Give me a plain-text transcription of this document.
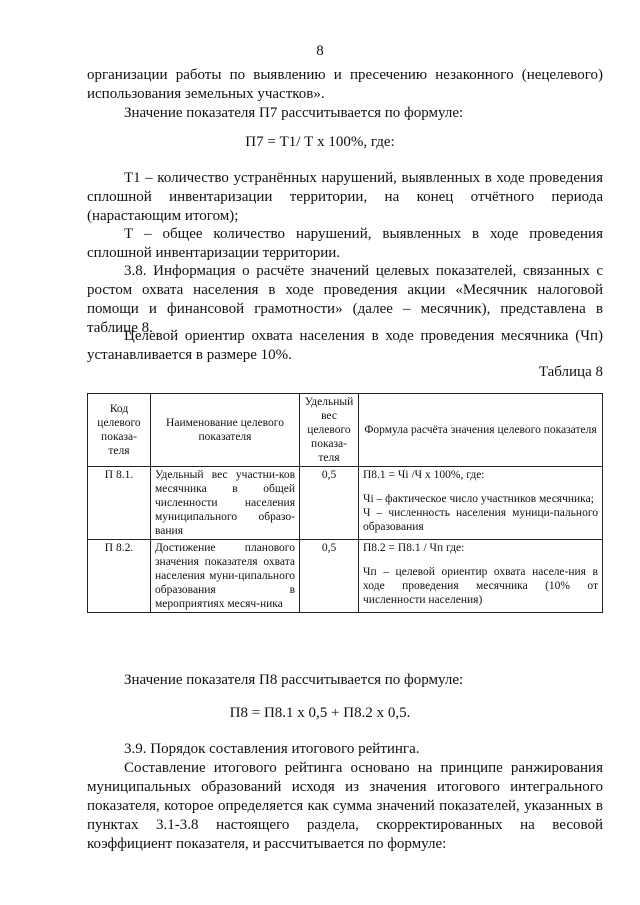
8
организации работы по выявлению и пресечению незаконного (нецелевого) использования земельных участков».
Значение показателя П7 рассчитывается по формуле:
П7 = Т1/ Т х 100%, где:
Т1 – количество устранённых нарушений, выявленных в ходе проведения сплошной инвентаризации территории, на конец отчётного периода (нарастающим итогом);
Т – общее количество нарушений, выявленных в ходе проведения сплошной инвентаризации территории.
3.8. Информация о расчёте значений целевых показателей, связанных с ростом охвата населения в ходе проведения акции «Месячник налоговой помощи и финансовой грамотности» (далее – месячник), представлена в таблице 8.
Целевой ориентир охвата населения в ходе проведения месячника (Чп) устанавливается в размере 10%.
Таблица 8
Код целевого показа-теля	Наименование целевого показателя	Удельный вес целевого показа-теля	Формула расчёта значения целевого показателя
П 8.1.	Удельный вес участни-ков месячника в общей численности населения муниципального образо-вания	0,5	П8.1 = Чi /Ч х 100%, где:
Чi – фактическое число участников месячника;
Ч – численность населения муници-пального образования

П 8.2.	Достижение планового значения показателя охвата населения муни-ципального образования в мероприятиях месяч-ника	0,5	П8.2 = П8.1 / Чп где:
Чп – целевой ориентир охвата населе-ния в ходе проведения месячника (10% от численности населения)
Значение показателя П8 рассчитывается по формуле:
П8 = П8.1 х 0,5 + П8.2 х 0,5.
3.9. Порядок составления итогового рейтинга.
Составление итогового рейтинга основано на принципе ранжирования муниципальных образований исходя из значения итогового интегрального показателя, которое определяется как сумма значений показателей, указанных в пунктах 3.1-3.8 настоящего раздела, скорректированных на весовой коэффициент показателя, и рассчитывается по формуле:
